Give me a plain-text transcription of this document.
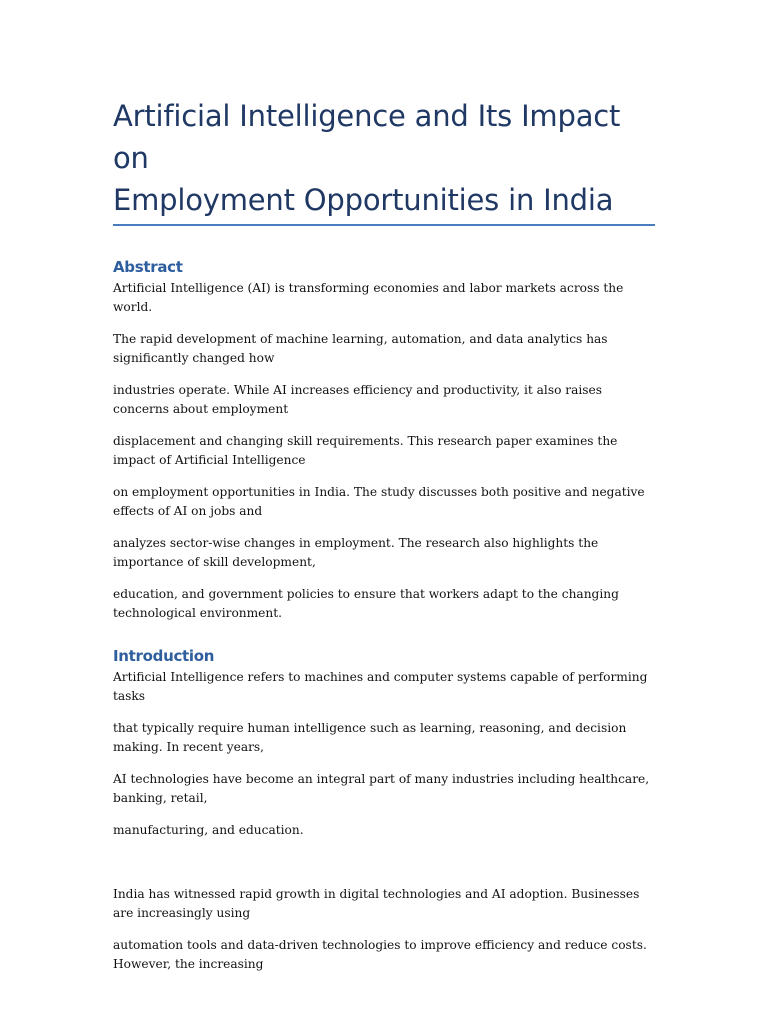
Artificial Intelligence and Its Impact on
Employment Opportunities in India
Abstract

Artificial Intelligence (AI) is transforming economies and labor markets across the world.

The rapid development of machine learning, automation, and data analytics has significantly changed how

industries operate. While AI increases efficiency and productivity, it also raises concerns about employment

displacement and changing skill requirements. This research paper examines the impact of Artificial Intelligence

on employment opportunities in India. The study discusses both positive and negative effects of AI on jobs and

analyzes sector-wise changes in employment. The research also highlights the importance of skill development,

education, and government policies to ensure that workers adapt to the changing technological environment.

Introduction

Artificial Intelligence refers to machines and computer systems capable of performing tasks

that typically require human intelligence such as learning, reasoning, and decision making. In recent years,

AI technologies have become an integral part of many industries including healthcare, banking, retail,

manufacturing, and education.

India has witnessed rapid growth in digital technologies and AI adoption. Businesses are increasingly using

automation tools and data-driven technologies to improve efficiency and reduce costs. However, the increasing
